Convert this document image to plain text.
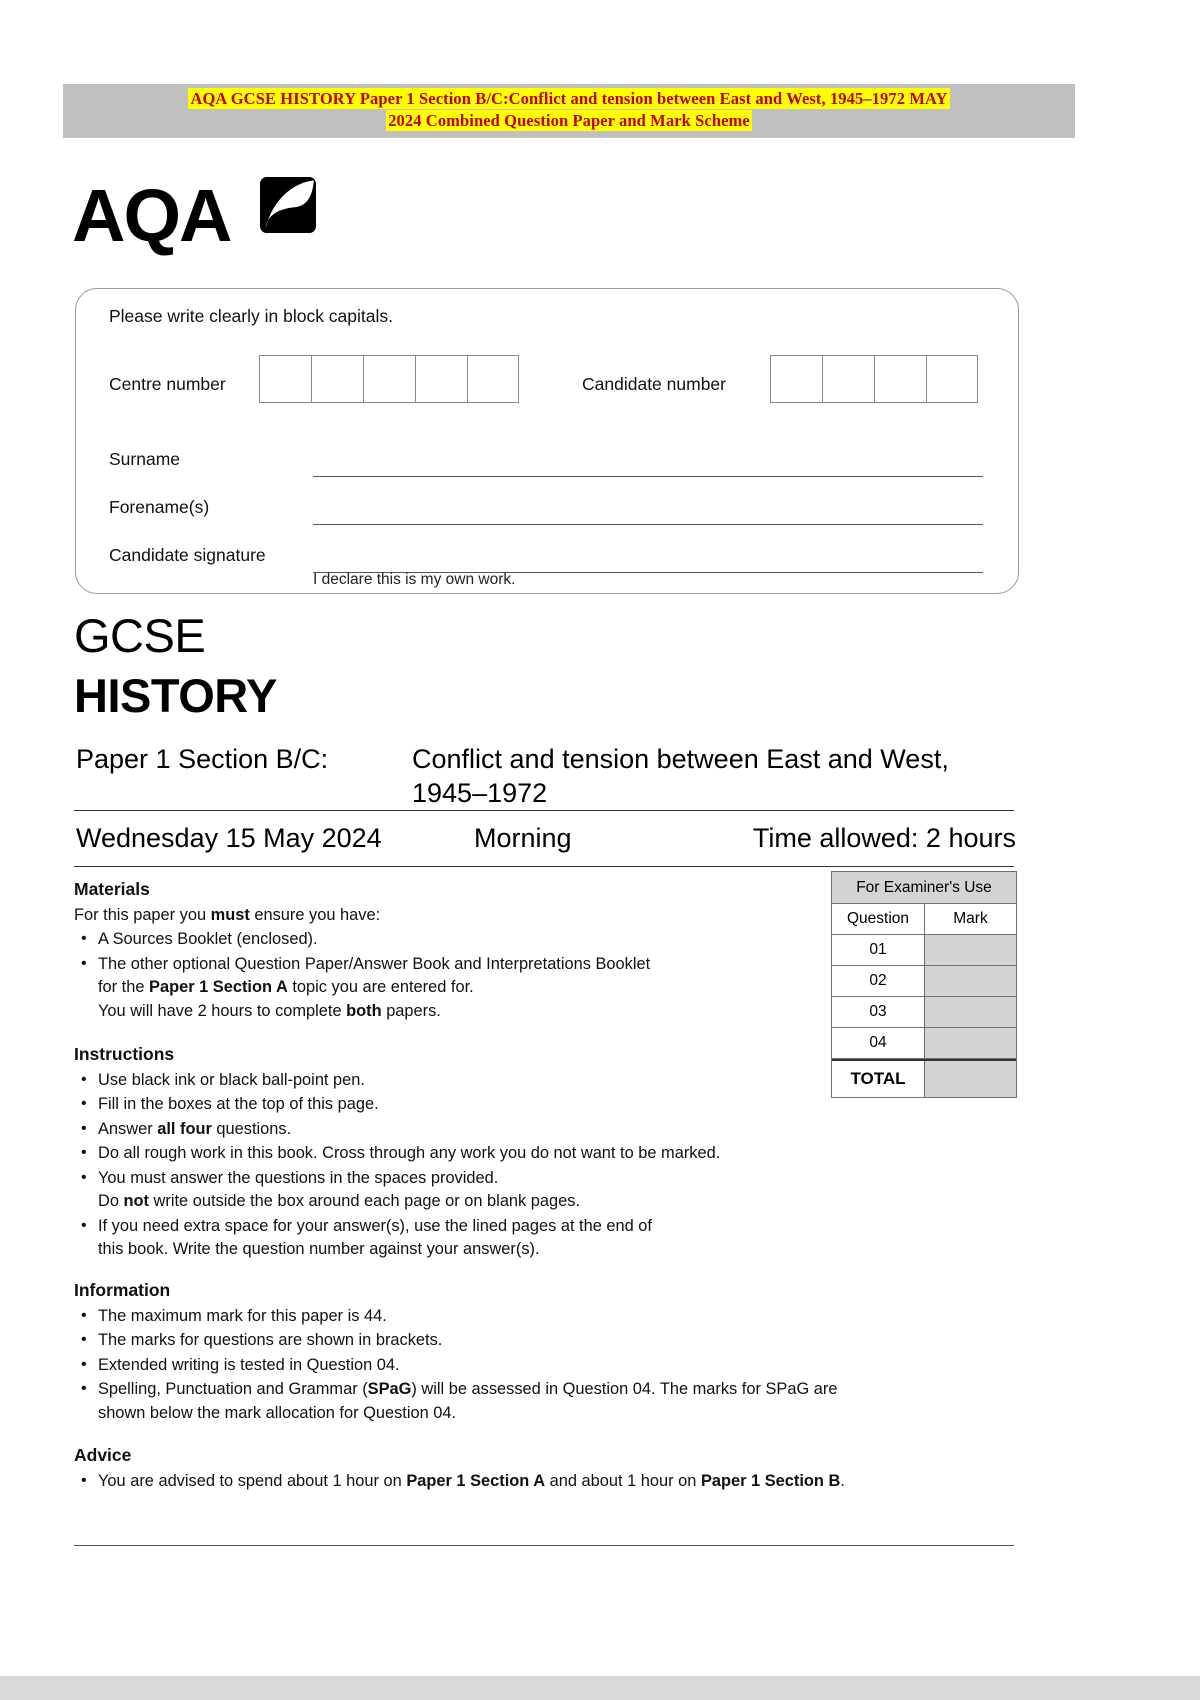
AQA GCSE HISTORY Paper 1 Section B/C:Conflict and tension between East and West, 1945–1972 MAY
2024 Combined Question Paper and Mark Scheme
AQA
Please write clearly in block capitals.
Centre number	Candidate number
Surname
Forename(s)
Candidate signature
I declare this is my own work.
GCSE
HISTORY
Paper 1 Section B/C:	Conflict and tension between East and West,
1945–1972
Wednesday 15 May 2024	Morning	Time allowed: 2 hours
Materials

For this paper you must ensure you have:

• A Sources Booklet (enclosed).
• The other optional Question Paper/Answer Book and Interpretations Booklet
for the Paper 1 Section A topic you are entered for.
You will have 2 hours to complete both papers.
Instructions
• Use black ink or black ball-point pen.
• Fill in the boxes at the top of this page.
• Answer all four questions.
• Do all rough work in this book. Cross through any work you do not want to be marked.
• You must answer the questions in the spaces provided.
Do not write outside the box around each page or on blank pages.
• If you need extra space for your answer(s), use the lined pages at the end of
this book. Write the question number against your answer(s).
Information
• The maximum mark for this paper is 44.
• The marks for questions are shown in brackets.
• Extended writing is tested in Question 04.
• Spelling, Punctuation and Grammar (SPaG) will be assessed in Question 04. The marks for SPaG are
shown below the mark allocation for Question 04.
Advice
• You are advised to spend about 1 hour on Paper 1 Section A and about 1 hour on Paper 1 Section B.
For Examiner's Use
Question	Mark
01
02
03
04
TOTAL
